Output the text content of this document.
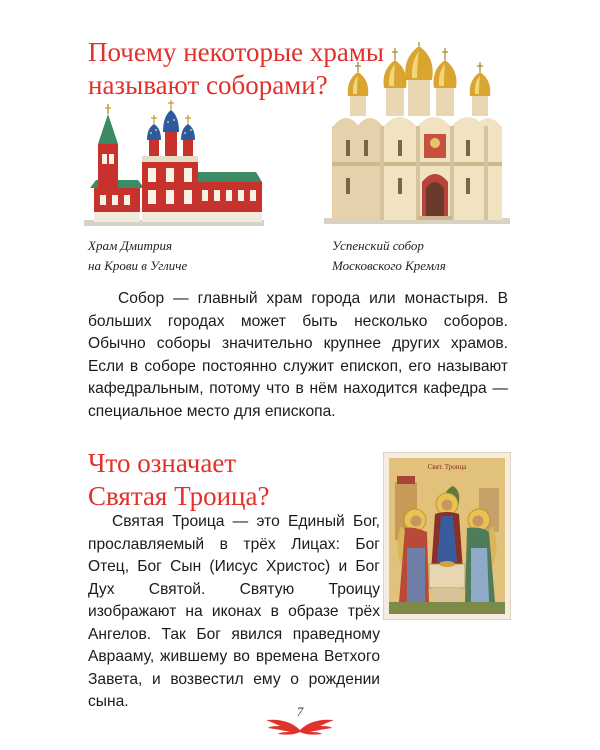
Почему некоторые храмы
называют соборами?
Храм Дмитрия
на Крови в Угличе
Успенский собор
Московского Кремля

Собор — главный храм города или монастыря. В больших городах может быть несколько соборов. Обычно соборы значительно крупнее других храмов. Если в соборе постоянно служит епископ, его называют кафедральным, потому что в нём находится кафедра — специальное место для епископа.

Что означает
Святая Троица?
Свят. Троица

Святая Троица — это Единый Бог, прославляемый в трёх Лицах: Бог Отец, Бог Сын (Иисус Христос) и Бог Дух Святой. Святую Троицу изображают на иконах в образе трёх Ангелов. Так Бог явился праведному Аврааму, жившему во времена Ветхого Завета, и возвестил ему о рождении сына.

7
